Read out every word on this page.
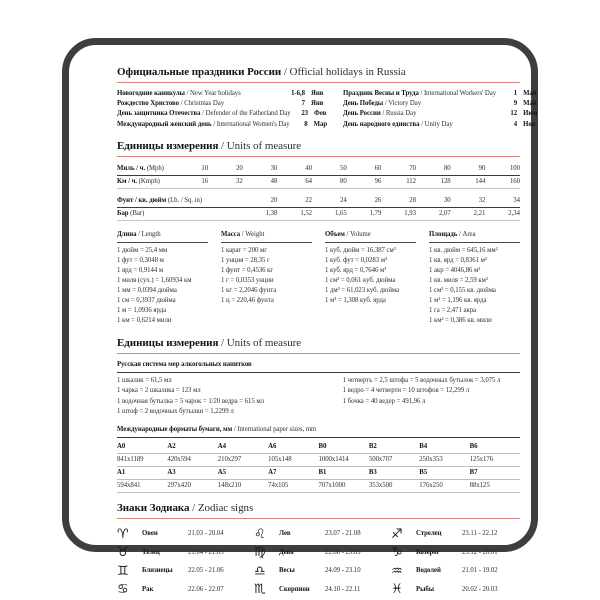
Официальные праздники России / Official holidays in Russia
Новогодние каникулы / New Year holidays	1-6,8 Янв
Рождество Христово / Christmas Day	7 Янв
День защитника Отечества / Defender of the Fatherland Day	23 Фев
Международный женский день / International Women's Day	8 Мар
Праздник Весны и Труда / International Workers' Day	1 Май
День Победы / Victory Day	9 Май
День России / Russia Day	12 Июн
День народного единства / Unity Day	4 Ноя
Единицы измерения / Units of measure
Миль / ч. (Mph)	10	20	30	40	50	60	70	80	90	100
Км / ч. (Kmph)	16	32	48	64	80	96	112	128	144	160
Фунт / кв. дюйм (Lb. / Sq. in)	20	22	24	26	28	30	32	34
Бар (Bar)	1,38	1,52	1,65	1,79	1,93	2,07	2,21	2,34
Длина / Length
1 дюйм = 25,4 мм
1 фут = 0,3048 м
1 ярд = 0,9144 м
1 миля (сух.) = 1,60934 км
1 мм = 0,0394 дюйма
1 см = 0,3937 дюйма
1 м = 1,0936 ярда
1 км = 0,6214 мили
Масса / Weight
1 карат = 200 мг
1 унция = 28,35 г
1 фунт = 0,4536 кг
1 г = 0,0353 унции
1 кг = 2,2046 фунта
1 ц = 220,46 фунта
Объем / Volume
1 куб. дюйм = 16,387 см³
1 куб. фут = 0,0283 м³
1 куб. ярд = 0,7646 м³
1 см³ = 0,061 куб. дюйма
1 дм³ = 61,023 куб. дюйма
1 м³ = 1,308 куб. ярда
Площадь / Area
1 кв. дюйм = 645,16 мм²
1 кв. ярд = 0,8361 м²
1 акр = 4046,86 м²
1 кв. миля = 2,59 км²
1 см² = 0,155 кв. дюйма
1 м² = 1,196 кв. ярда
1 га = 2,471 акра
1 км² = 0,386 кв. мили
Единицы измерения / Units of measure
Русская система мер алкогольных напитков
1 шкалик = 61,5 мл
1 чарка = 2 шкалика = 123 мл
1 водочная бутылка = 5 чарок = 1/20 ведра = 615 мл
1 штоф = 2 водочных бутылки = 1,2299 л
1 четверть = 2,5 штофа = 5 водочных бутылок = 3,075 л
1 ведро = 4 четверти = 10 штофов = 12,299 л
1 бочка = 40 ведер = 491,96 л
Международные форматы бумаги, мм / International paper sizes, mm
A0	A2	A4	A6	B0	B2	B4	B6
841x1189	420x594	210x297	105x148	1000x1414	500x707	250x353	125x176
A1	A3	A5	A7	B1	B3	B5	B7
594x841	297x420	148x210	74x105	707x1000	353x500	176x250	88x125
Знаки Зодиака / Zodiac signs
♈	Овен	21.03 - 20.04
♉	Телец	21.04 - 21.05
♊	Близнецы	22.05 - 21.06
♋	Рак	22.06 - 22.07
♌	Лев	23.07 - 21.08
♍	Дева	22.08 - 23.09
♎	Весы	24.09 - 23.10
♏	Скорпион	24.10 - 22.11
♐	Стрелец	23.11 - 22.12
♑	Козерог	23.12 - 20.01
♒	Водолей	21.01 - 19.02
♓	Рыбы	20.02 - 20.03
